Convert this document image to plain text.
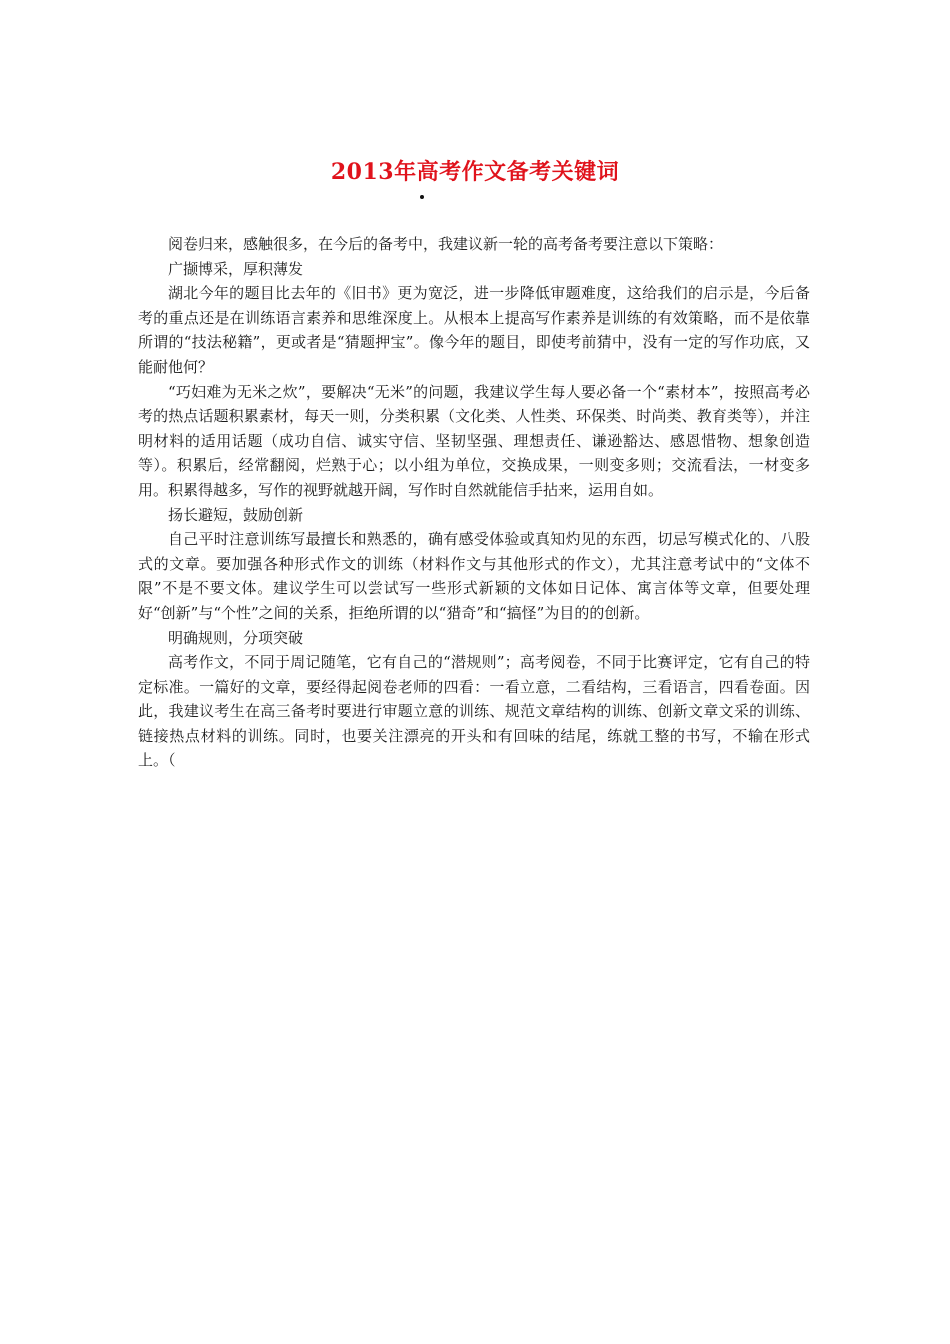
2013年高考作文备考关键词

阅卷归来，感触很多，在今后的备考中，我建议新一轮的高考备考要注意以下策略：

广撷博采，厚积薄发

湖北今年的题目比去年的《旧书》更为宽泛，进一步降低审题难度，这给我们的启示是，今后备考的重点还是在训练语言素养和思维深度上。从根本上提高写作素养是训练的有效策略，而不是依靠所谓的“技法秘籍”，更或者是“猜题押宝”。像今年的题目，即使考前猜中，没有一定的写作功底，又能耐他何？

“巧妇难为无米之炊”，要解决“无米”的问题，我建议学生每人要必备一个“素材本”，按照高考必考的热点话题积累素材，每天一则，分类积累（文化类、人性类、环保类、时尚类、教育类等），并注明材料的适用话题（成功自信、诚实守信、坚韧坚强、理想责任、谦逊豁达、感恩惜物、想象创造等）。积累后，经常翻阅，烂熟于心；以小组为单位，交换成果，一则变多则；交流看法，一材变多用。积累得越多，写作的视野就越开阔，写作时自然就能信手拈来，运用自如。

扬长避短，鼓励创新

自己平时注意训练写最擅长和熟悉的，确有感受体验或真知灼见的东西，切忌写模式化的、八股式的文章。要加强各种形式作文的训练（材料作文与其他形式的作文），尤其注意考试中的“文体不限”不是不要文体。建议学生可以尝试写一些形式新颖的文体如日记体、寓言体等文章，但要处理好“创新”与“个性”之间的关系，拒绝所谓的以“猎奇”和“搞怪”为目的的创新。

明确规则，分项突破

高考作文，不同于周记随笔，它有自己的“潜规则”；高考阅卷，不同于比赛评定，它有自己的特定标准。一篇好的文章，要经得起阅卷老师的四看：一看立意，二看结构，三看语言，四看卷面。因此，我建议考生在高三备考时要进行审题立意的训练、规范文章结构的训练、创新文章文采的训练、链接热点材料的训练。同时，也要关注漂亮的开头和有回味的结尾，练就工整的书写，不输在形式上。（
